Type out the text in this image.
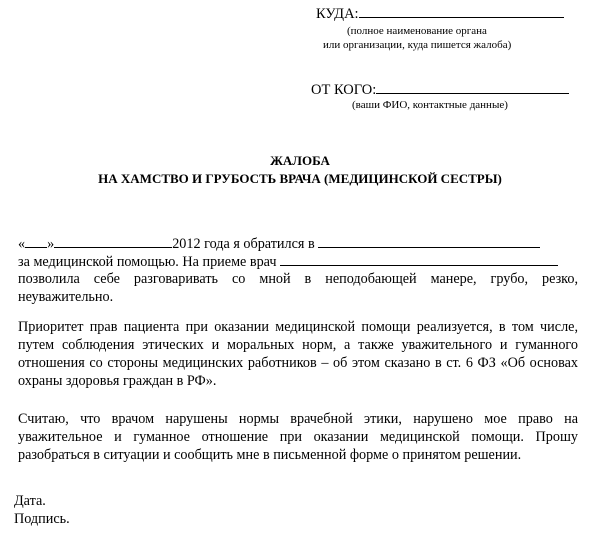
КУДА:
(полное наименование органа
или организации, куда пишется жалоба)
ОТ КОГО:
(ваши ФИО, контактные данные)
ЖАЛОБА
НА ХАМСТВО И ГРУБОСТЬ ВРАЧА (МЕДИЦИНСКОЙ СЕСТРЫ)
« »	2012 года я обратился в
за медицинской помощью. На приеме врач
позволила себе разговаривать со мной в неподобающей манере, грубо, резко,
неуважительно.
Приоритет прав пациента при оказании медицинской помощи реализуется, в том числе,
путем соблюдения этических и моральных норм, а также уважительного и гуманного
отношения со стороны медицинских работников – об этом сказано в ст. 6 ФЗ «Об основах
охраны здоровья граждан в РФ».
Считаю, что врачом нарушены нормы врачебной этики, нарушено мое право на
уважительное и гуманное отношение при оказании медицинской помощи. Прошу
разобраться в ситуации и сообщить мне в письменной форме о принятом решении.
Дата.
Подпись.
